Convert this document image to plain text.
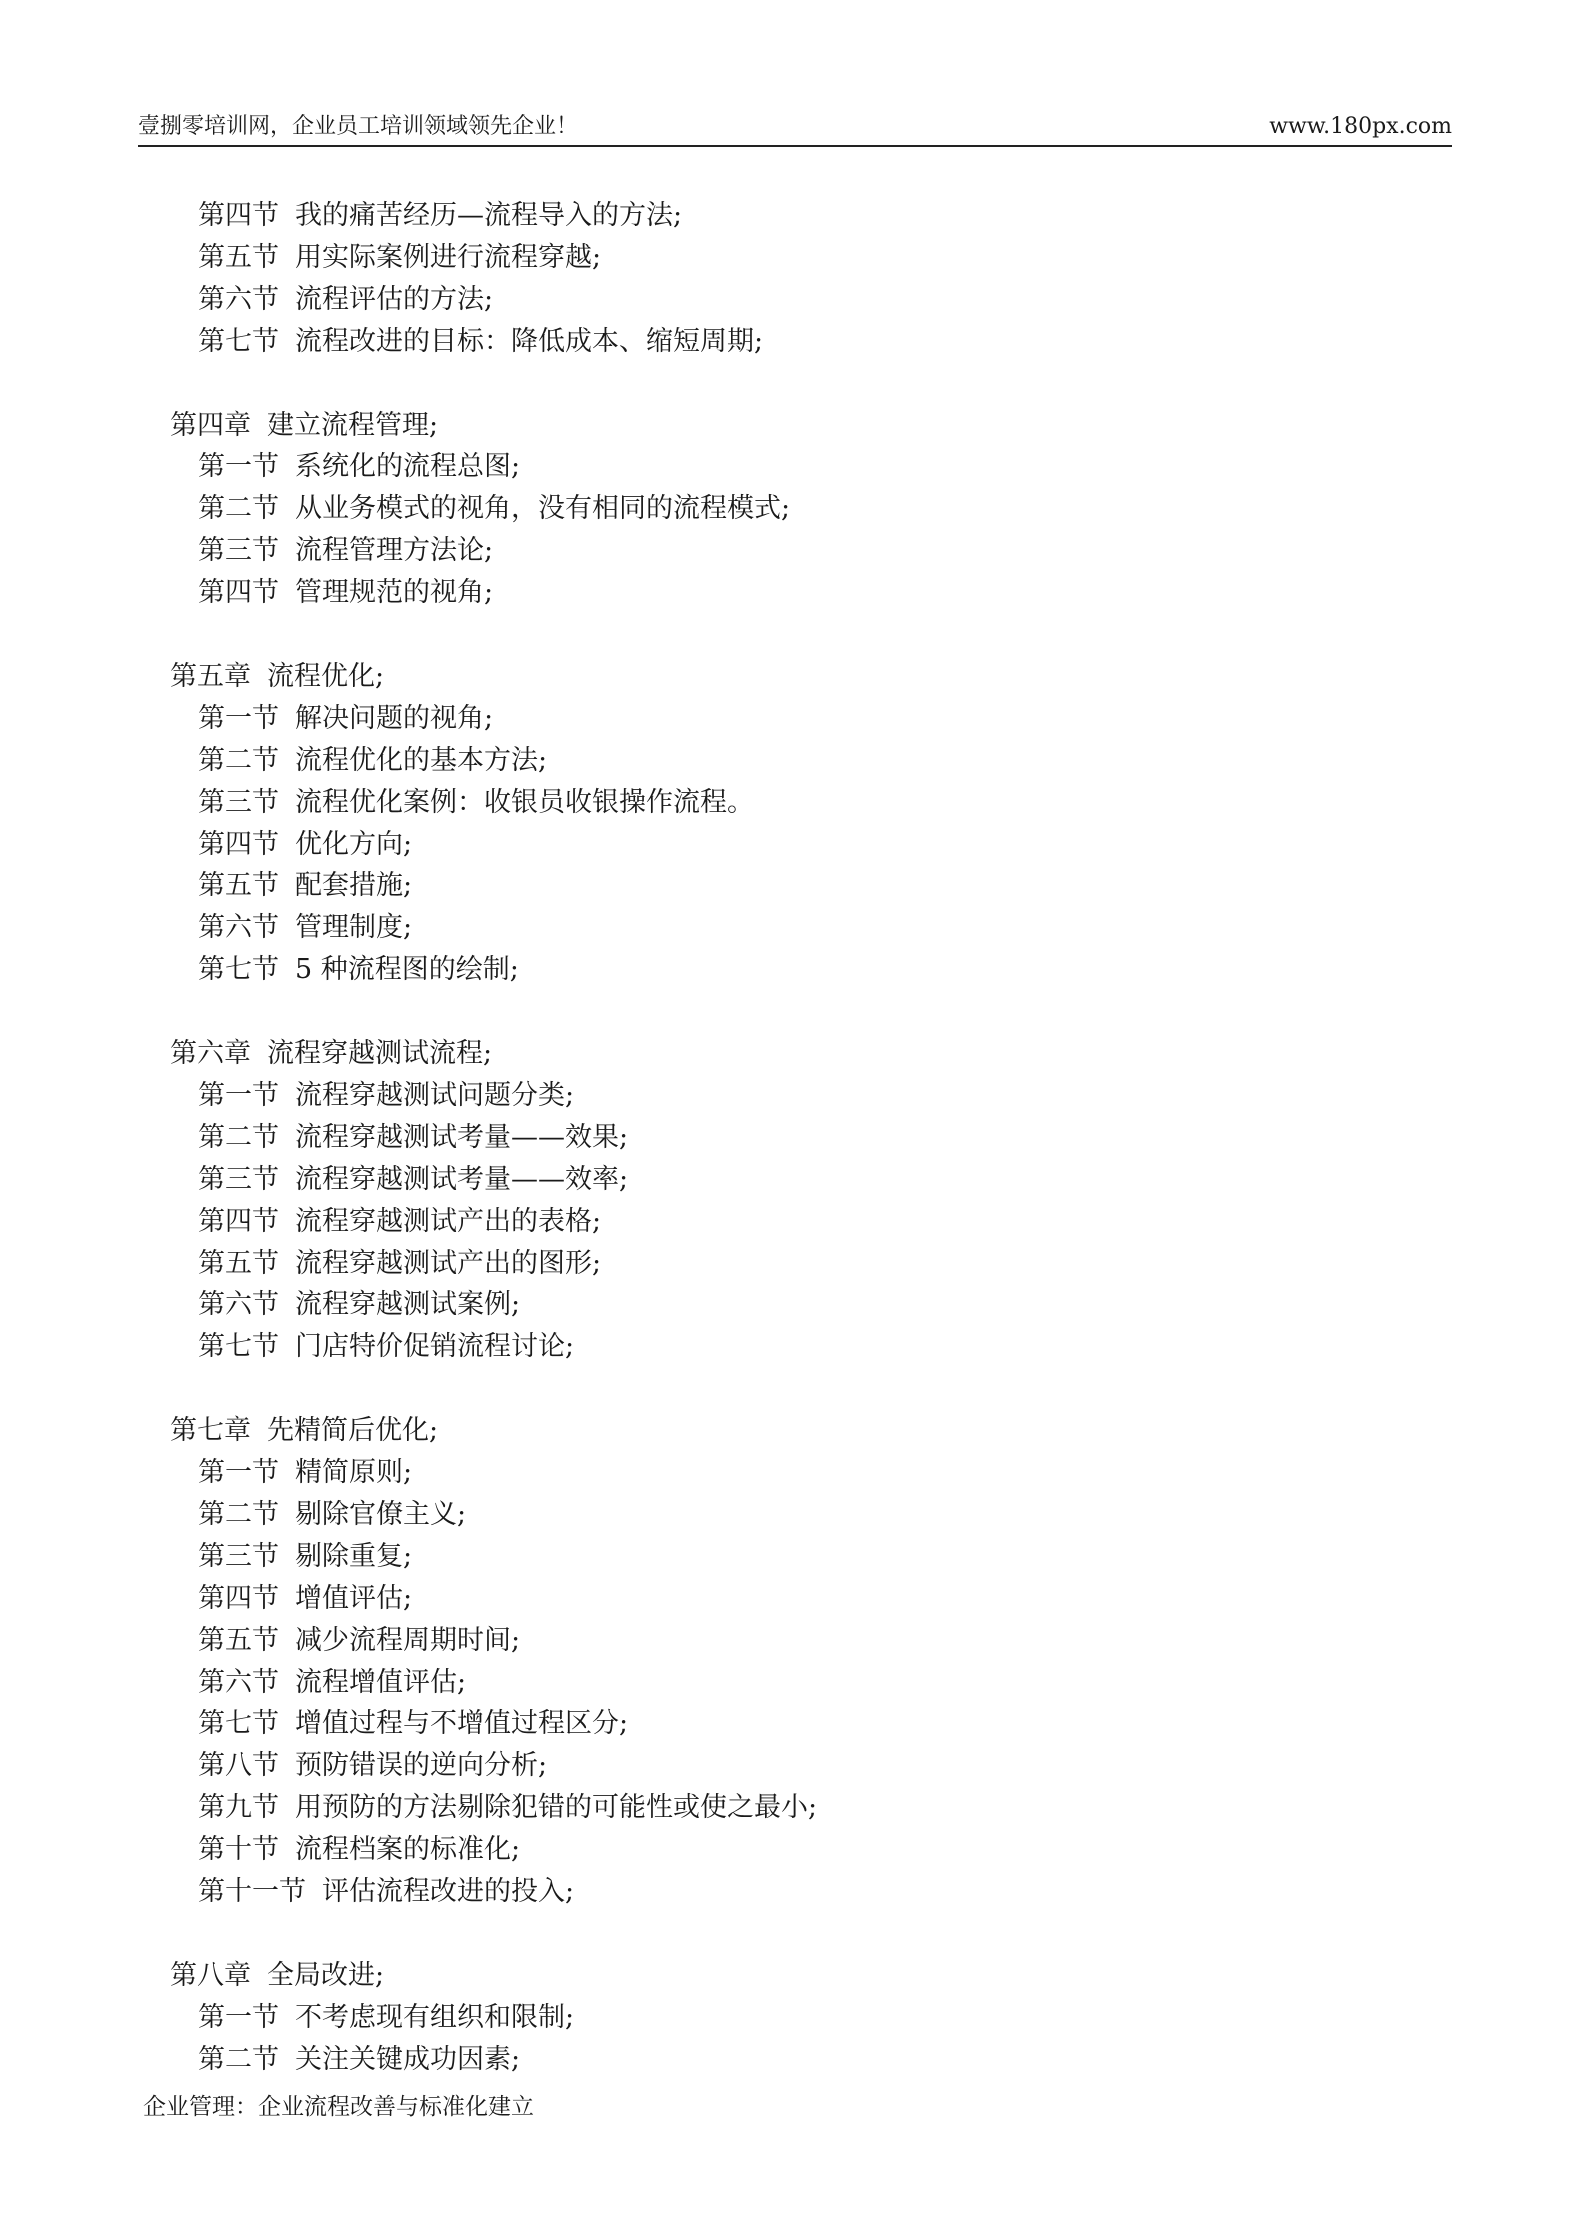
壹捌零培训网，企业员工培训领域领先企业！	www.180px.com
第四节 我的痛苦经历—流程导入的方法;
第五节 用实际案例进行流程穿越;
第六节 流程评估的方法;
第七节 流程改进的目标：降低成本、缩短周期;
第四章 建立流程管理;
第一节 系统化的流程总图;
第二节 从业务模式的视角，没有相同的流程模式;
第三节 流程管理方法论;
第四节 管理规范的视角;
第五章 流程优化;
第一节 解决问题的视角;
第二节 流程优化的基本方法;
第三节 流程优化案例：收银员收银操作流程。
第四节 优化方向;
第五节 配套措施;
第六节 管理制度;
第七节 5 种流程图的绘制;
第六章 流程穿越测试流程;
第一节 流程穿越测试问题分类;
第二节 流程穿越测试考量——效果;
第三节 流程穿越测试考量——效率;
第四节 流程穿越测试产出的表格;
第五节 流程穿越测试产出的图形;
第六节 流程穿越测试案例;
第七节 门店特价促销流程讨论;
第七章 先精简后优化;
第一节 精简原则;
第二节 剔除官僚主义;
第三节 剔除重复;
第四节 增值评估;
第五节 减少流程周期时间;
第六节 流程增值评估;
第七节 增值过程与不增值过程区分;
第八节 预防错误的逆向分析;
第九节 用预防的方法剔除犯错的可能性或使之最小;
第十节 流程档案的标准化;
第十一节 评估流程改进的投入;
第八章 全局改进;
第一节 不考虑现有组织和限制;
第二节 关注关键成功因素;
企业管理：企业流程改善与标准化建立
